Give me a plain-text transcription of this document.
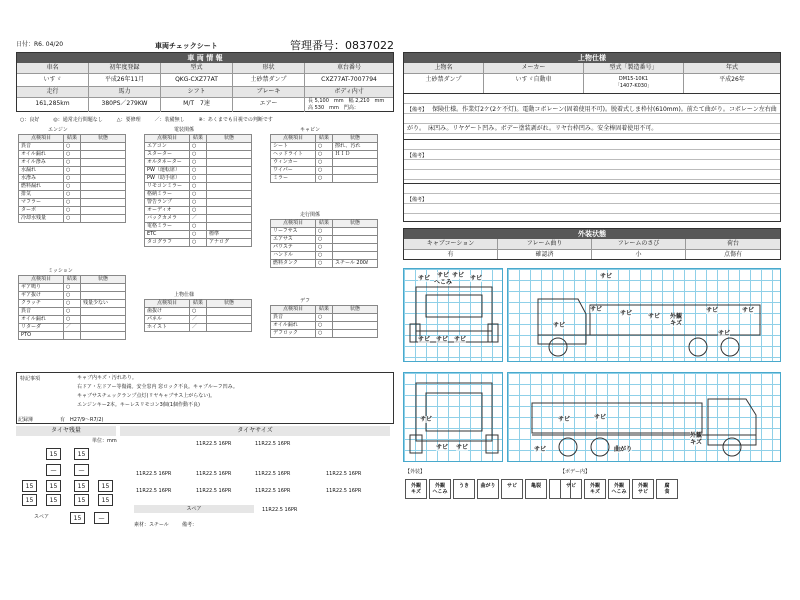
日付：R6. 04/20	車両チェックシート	管理番号：0837022
車 両 情 報
車名	初年度登録	型式	形状	車台番号
いすゞ	平成26年11月	QKG-CXZ77AT	土砂禁ダンプ	CXZ77AT-7007794
走行	馬力	シフト	ブレーキ	ボディ内寸
161,285km	380PS／279KW	M/T　7速	エアー	長 5,100　mm　幅 2,210　mm
高 530　mm　門高：
○：良好	◎：通常走行問題なし	△：要修理	／：装備無し	※：あくまでも目視での判断です
エンジン
点検項目	結果	状態
異音	○	
オイル漏れ	○	
オイル滲み	○	
水漏れ	○	
水滲み	○	
燃料漏れ	○	
排気	○	
マフラー	○	
ターボ	○	
冷却水残量	○	
電装関係
点検項目	結果	状態
エアコン	○	
スターター	○	
オルタネーター	○	
PW（運転席）	○	
PW（助手席）	○	
リモコンミラー	○	
格納ミラー	○	
警告ランプ	○	
オーディオ	○	
バックカメラ	／	
電格ミラー	○	
ETC	○	標準
タコグラフ	○	アナログ
キャビン
点検項目	結果	状態
シート	○	擦れ、汚れ
ヘッドライト	○	ＨＩＤ
ウィンカー	○	
ワイパー	○	
ミラー	○	
走行関係
点検項目	結果	状態
リーフサス	○	
エアサス	○	
パワステ	○	
ハンドル	○	
燃料タンク	○	スチール 200ℓ
ミッション
点検項目	結果	状態
ギア鳴り	○	
ギア抜け	○	
クラッチ	○	残量少ない
異音	○	
オイル漏れ	○	
リターダ	／	
PTO		
上物仕様
点検項目	結果	状態
歯抜け	○	
パネル	／	
ホイスト	／	
デフ
点検項目	結果	状態
異音	○	
オイル漏れ	○	
デフロック	○	
特記事項	キャブ内キズ・汚れあり。
右ドア・左ドアー等傷錆。安全窓内 窓ロック不良。キャブルーフ凹み。
キャブサスチェックランプ点灯(リヤキャブサス上がらない)。
エンジンキー2本。キーレスリモコン3個(1個作動不良)
記録簿	有　H27/9〜R7/2)
タイヤ残量
単位：mm
15	15
—	—
15	15	15	15
15	15	15	15
スペア	15	—
タイヤサイズ
11R22.5 16PR	11R22.5 16PR
11R22.5 16PR	11R22.5 16PR	11R22.5 16PR	11R22.5 16PR
11R22.5 16PR	11R22.5 16PR	11R22.5 16PR	11R22.5 16PR
スペア	11R22.5 16PR
素材：スチール	備考：
上物仕様
上物名	メーカー	型式「製造番号」	年式
土砂禁ダンプ	いすゞ自動車	DM15-10K1
「1407-K030」
平成26年
【備考】 保険仕様。作業灯2ケ(2ケ不灯)。電動コボレーン(固着使用不可)。脱着式しま枠付(610mm)。前たて曲がり。コボレーン左右曲がり。　床凹み。リヤゲート凹み。ボデー塗装剥がれ。リヤ台枠凹み。安全棒固着使用不可。
【備考】
【備考】
外装状態
キャブコーション	フレーム曲り	フレームのさび	荷台
有	確認済	小	点傷有
サビ	サビ
へこみ
サビ サビ
サビ サビ サビ
サビ
サビ
サビ	サビ 外観
キズ
サビ	サビ
サビ
サビ
サビ
サビ サビ	サビ
サビ	サビ
外観
キズ
曲がり
【外装】	【ボデー内】
外観
キズ
外観
へこみ
うき	曲がり	サビ	亀裂
　	サビ	外観
キズ
外観
へこみ
外観
サビ
腐
食
